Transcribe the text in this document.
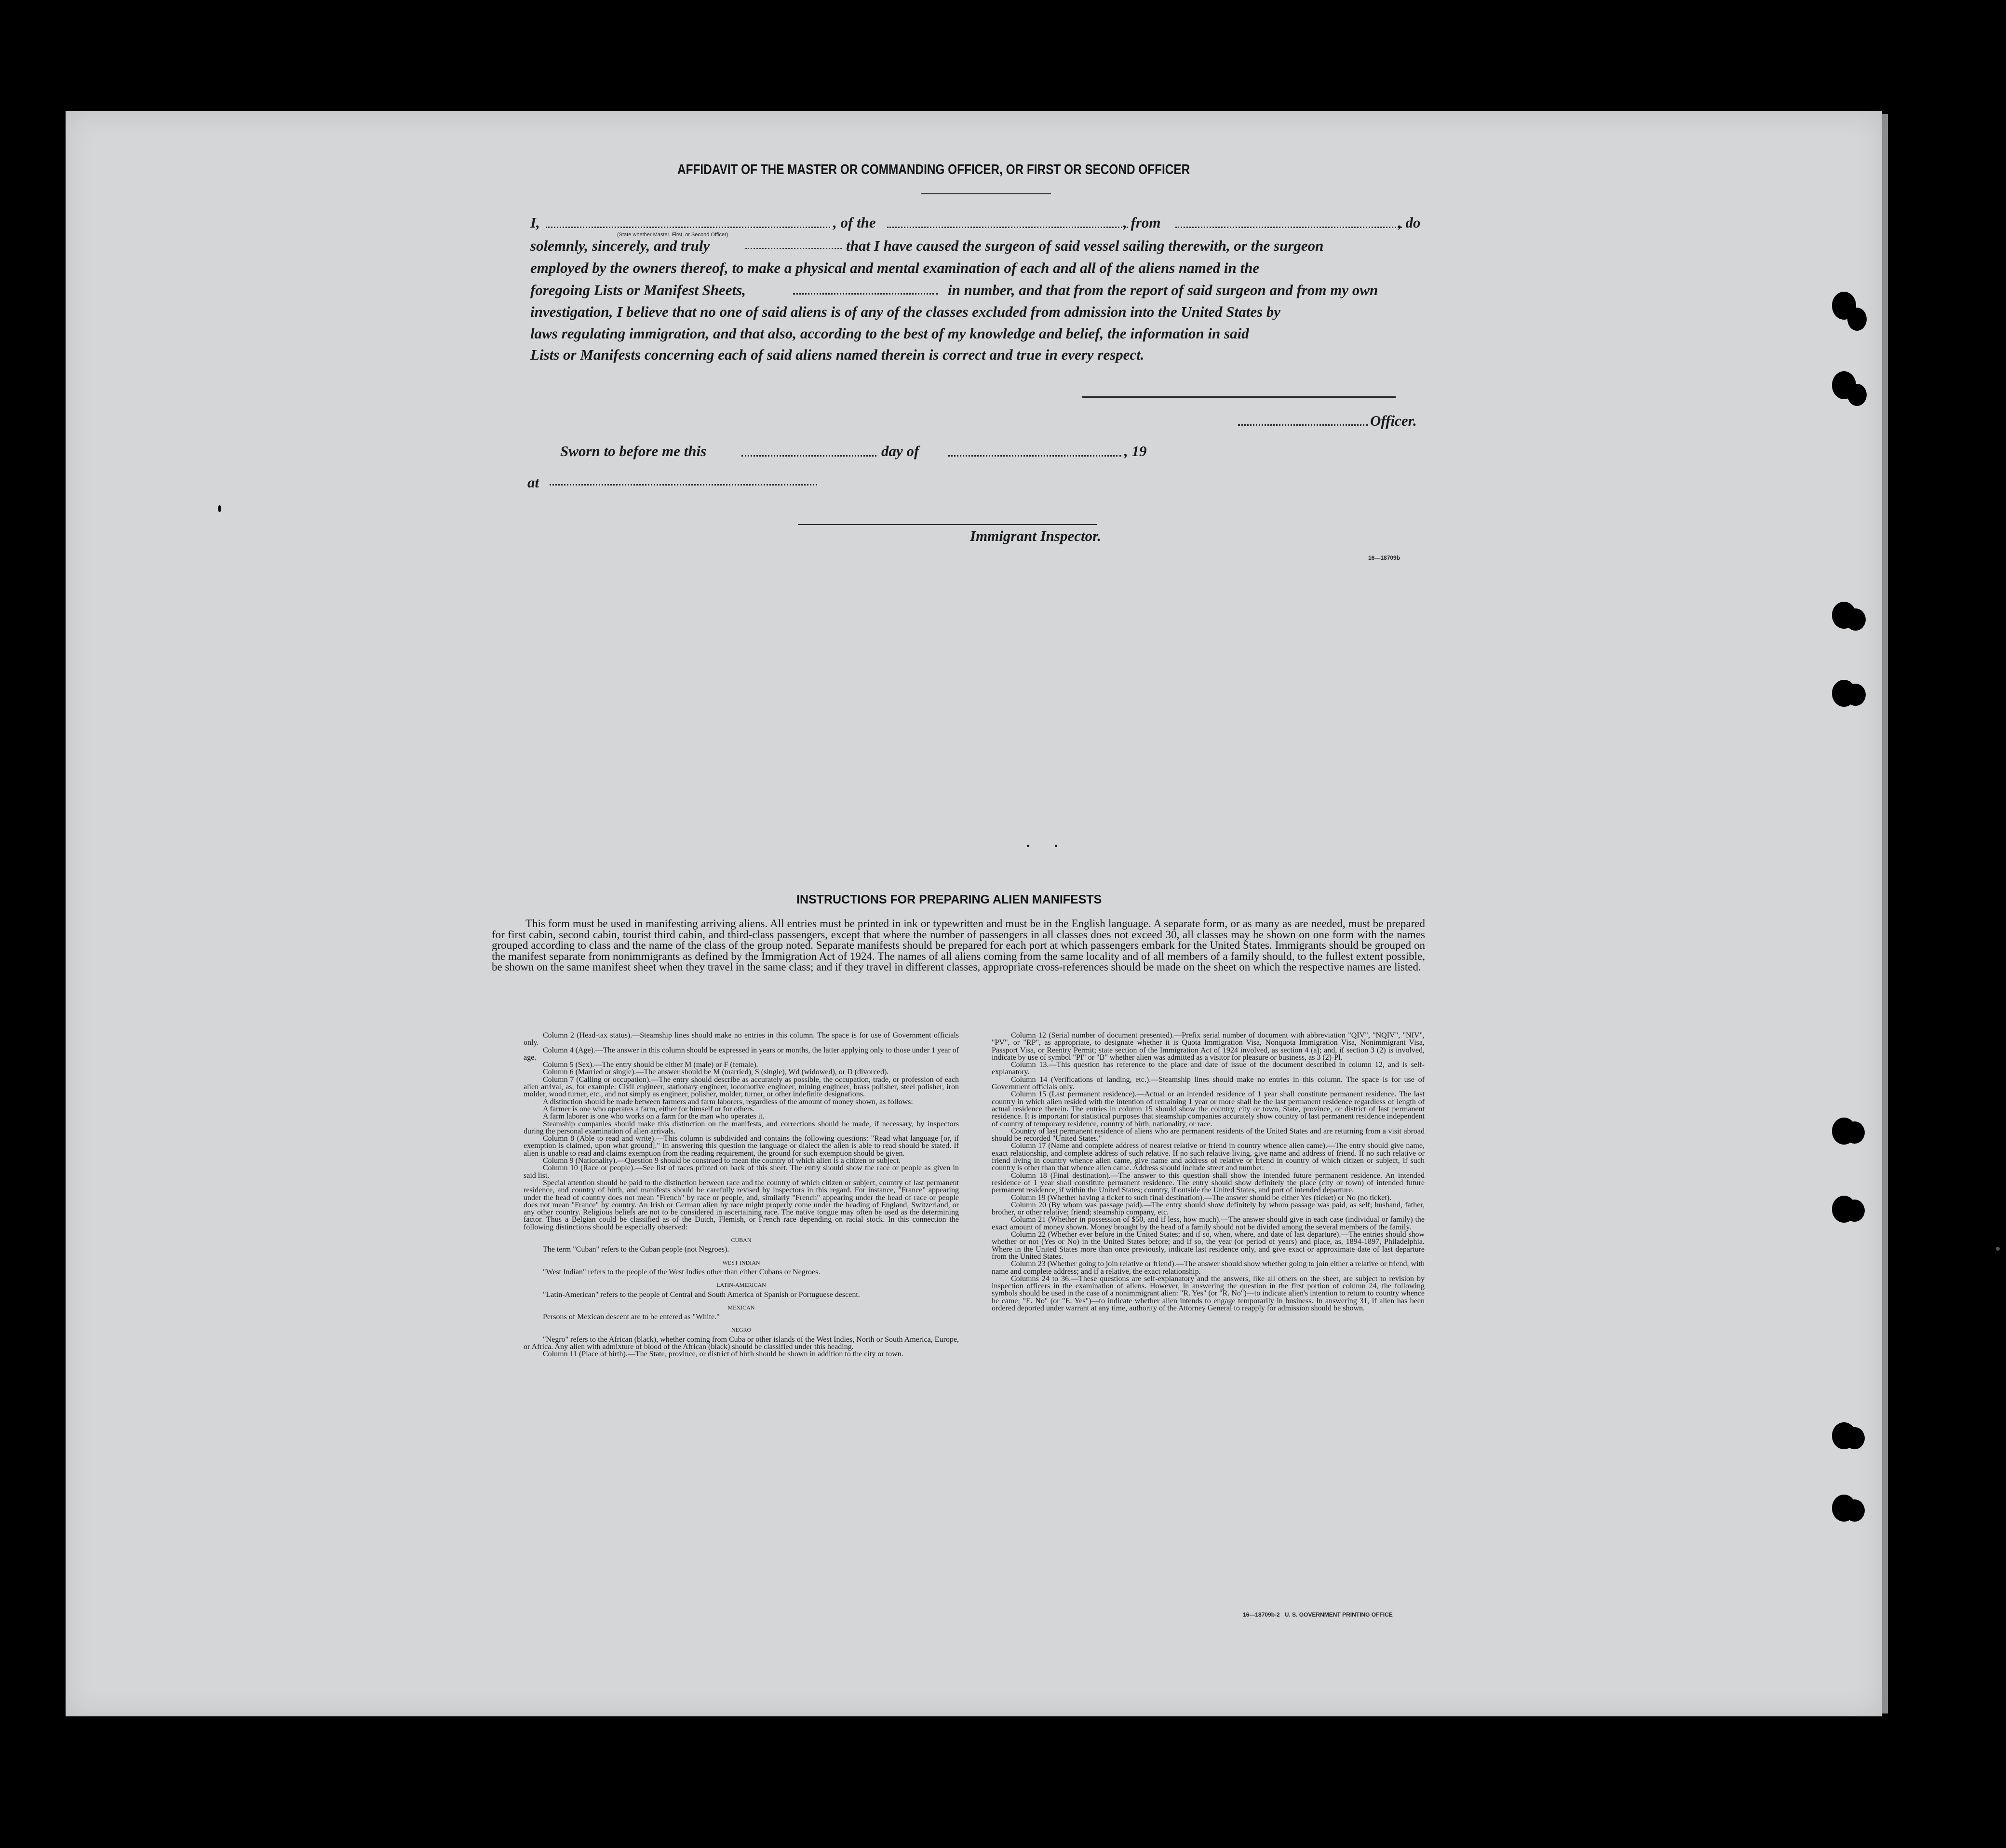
AFFIDAVIT OF THE MASTER OR COMMANDING OFFICER, OR FIRST OR SECOND OFFICER
I,	, of the	, from	, do
(State whether Master, First, or Second Officer)
solemnly, sincerely, and truly	that I have caused the surgeon of said vessel sailing therewith, or the surgeon
employed by the owners thereof, to make a physical and mental examination of each and all of the aliens named in the
foregoing Lists or Manifest Sheets,	in number, and that from the report of said surgeon and from my own
investigation, I believe that no one of said aliens is of any of the classes excluded from admission into the United States by
laws regulating immigration, and that also, according to the best of my knowledge and belief, the information in said
Lists or Manifests concerning each of said aliens named therein is correct and true in every respect.
Officer.
Sworn to before me this	day of	, 19
at
Immigrant Inspector.
16—18709b
INSTRUCTIONS FOR PREPARING ALIEN MANIFESTS

This form must be used in manifesting arriving aliens. All entries must be printed in ink or typewritten and must be in the English language. A separate form, or as many as are needed, must be prepared for first cabin, second cabin, tourist third cabin, and third-class passengers, except that where the number of passengers in all classes does not exceed 30, all classes may be shown on one form with the names grouped according to class and the name of the class of the group noted. Separate manifests should be prepared for each port at which passengers embark for the United States. Immigrants should be grouped on the manifest separate from nonimmigrants as defined by the Immigration Act of 1924. The names of all aliens coming from the same locality and of all members of a family should, to the fullest extent possible, be shown on the same manifest sheet when they travel in the same class; and if they travel in different classes, appropriate cross-references should be made on the sheet on which the respective names are listed.

Column 2 (Head-tax status).—Steamship lines should make no entries in this column. The space is for use of Government officials only.

Column 4 (Age).—The answer in this column should be expressed in years or months, the latter applying only to those under 1 year of age.

Column 5 (Sex).—The entry should be either M (male) or F (female).

Column 6 (Married or single).—The answer should be M (married), S (single), Wd (widowed), or D (divorced).

Column 7 (Calling or occupation).—The entry should describe as accurately as possible, the occupation, trade, or profession of each alien arrival, as, for example: Civil engineer, stationary engineer, locomotive engineer, mining engineer, brass polisher, steel polisher, iron molder, wood turner, etc., and not simply as engineer, polisher, molder, turner, or other indefinite designations.

A distinction should be made between farmers and farm laborers, regardless of the amount of money shown, as follows:

A farmer is one who operates a farm, either for himself or for others.

A farm laborer is one who works on a farm for the man who operates it.

Steamship companies should make this distinction on the manifests, and corrections should be made, if necessary, by inspectors during the personal examination of alien arrivals.

Column 8 (Able to read and write).—This column is subdivided and contains the following questions: "Read what language [or, if exemption is claimed, upon what ground]." In answering this question the language or dialect the alien is able to read should be stated. If alien is unable to read and claims exemption from the reading requirement, the ground for such exemption should be given.

Column 9 (Nationality).—Question 9 should be construed to mean the country of which alien is a citizen or subject.

Column 10 (Race or people).—See list of races printed on back of this sheet. The entry should show the race or people as given in said list.

Special attention should be paid to the distinction between race and the country of which citizen or subject, country of last permanent residence, and country of birth, and manifests should be carefully revised by inspectors in this regard. For instance, "France" appearing under the head of country does not mean "French" by race or people, and, similarly "French" appearing under the head of race or people does not mean "France" by country. An Irish or German alien by race might properly come under the heading of England, Switzerland, or any other country. Religious beliefs are not to be considered in ascertaining race. The native tongue may often be used as the determining factor. Thus a Belgian could be classified as of the Dutch, Flemish, or French race depending on racial stock. In this connection the following distinctions should be especially observed:

CUBAN

The term "Cuban" refers to the Cuban people (not Negroes).

WEST INDIAN

"West Indian" refers to the people of the West Indies other than either Cubans or Negroes.

LATIN-AMERICAN

"Latin-American" refers to the people of Central and South America of Spanish or Portuguese descent.

MEXICAN

Persons of Mexican descent are to be entered as "White."

NEGRO

"Negro" refers to the African (black), whether coming from Cuba or other islands of the West Indies, North or South America, Europe, or Africa. Any alien with admixture of blood of the African (black) should be classified under this heading.

Column 11 (Place of birth).—The State, province, or district of birth should be shown in addition to the city or town.

Column 12 (Serial number of document presented).—Prefix serial number of document with abbreviation "QIV", "NQIV", "NIV", "PV", or "RP", as appropriate, to designate whether it is Quota Immigration Visa, Nonquota Immigration Visa, Nonimmigrant Visa, Passport Visa, or Reentry Permit; state section of the Immigration Act of 1924 involved, as section 4 (a); and, if section 3 (2) is involved, indicate by use of symbol "PI" or "B" whether alien was admitted as a visitor for pleasure or business, as 3 (2)-Pl.

Column 13.—This question has reference to the place and date of issue of the document described in column 12, and is self-explanatory.

Column 14 (Verifications of landing, etc.).—Steamship lines should make no entries in this column. The space is for use of Government officials only.

Column 15 (Last permanent residence).—Actual or an intended residence of 1 year shall constitute permanent residence. The last country in which alien resided with the intention of remaining 1 year or more shall be the last permanent residence regardless of length of actual residence therein. The entries in column 15 should show the country, city or town, State, province, or district of last permanent residence. It is important for statistical purposes that steamship companies accurately show country of last permanent residence independent of country of temporary residence, country of birth, nationality, or race.

Country of last permanent residence of aliens who are permanent residents of the United States and are returning from a visit abroad should be recorded "United States."

Column 17 (Name and complete address of nearest relative or friend in country whence alien came).—The entry should give name, exact relationship, and complete address of such relative. If no such relative living, give name and address of friend. If no such relative or friend living in country whence alien came, give name and address of relative or friend in country of which citizen or subject, if such country is other than that whence alien came. Address should include street and number.

Column 18 (Final destination).—The answer to this question shall show the intended future permanent residence. An intended residence of 1 year shall constitute permanent residence. The entry should show definitely the place (city or town) of intended future permanent residence, if within the United States; country, if outside the United States, and port of intended departure.

Column 19 (Whether having a ticket to such final destination).—The answer should be either Yes (ticket) or No (no ticket).

Column 20 (By whom was passage paid).—The entry should show definitely by whom passage was paid, as self; husband, father, brother, or other relative; friend; steamship company, etc.

Column 21 (Whether in possession of $50, and if less, how much).—The answer should give in each case (individual or family) the exact amount of money shown. Money brought by the head of a family should not be divided among the several members of the family.

Column 22 (Whether ever before in the United States; and if so, when, where, and date of last departure).—The entries should show whether or not (Yes or No) in the United States before; and if so, the year (or period of years) and place, as, 1894-1897, Philadelphia. Where in the United States more than once previously, indicate last residence only, and give exact or approximate date of last departure from the United States.

Column 23 (Whether going to join relative or friend).—The answer should show whether going to join either a relative or friend, with name and complete address; and if a relative, the exact relationship.

Columns 24 to 36.—These questions are self-explanatory and the answers, like all others on the sheet, are subject to revision by inspection officers in the examination of aliens. However, in answering the question in the first portion of column 24, the following symbols should be used in the case of a nonimmigrant alien: "R. Yes" (or "R. No")—to indicate alien's intention to return to country whence he came; "E. No" (or "E. Yes")—to indicate whether alien intends to engage temporarily in business. In answering 31, if alien has been ordered deported under warrant at any time, authority of the Attorney General to reapply for admission should be shown.

16—18709b-2   U. S. GOVERNMENT PRINTING OFFICE
